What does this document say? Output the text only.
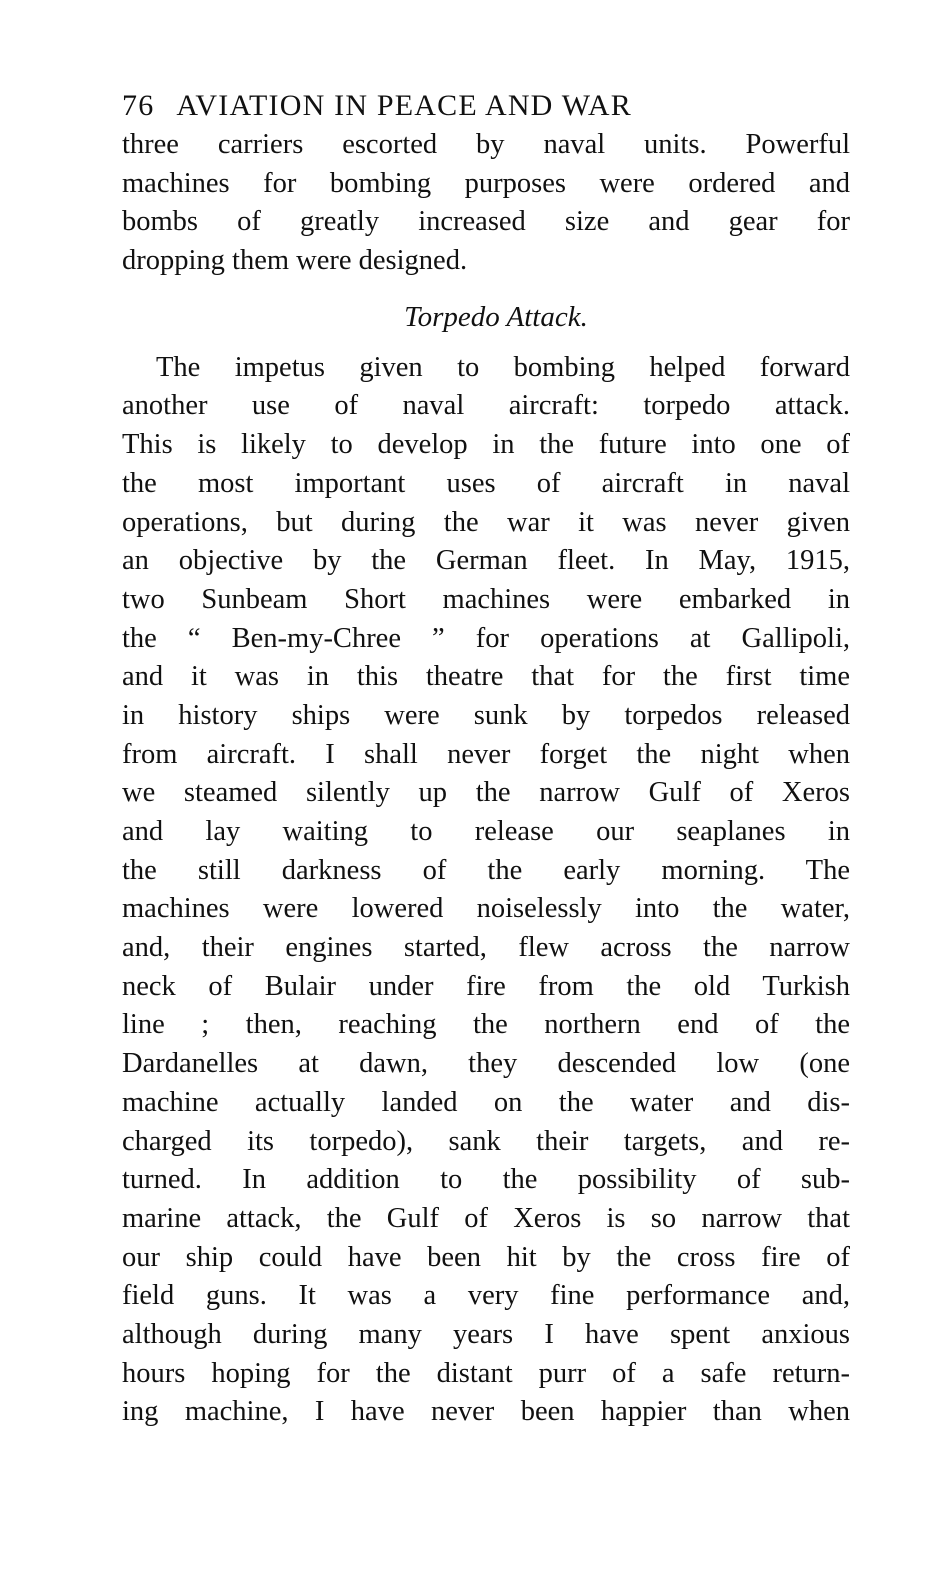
76 AVIATION IN PEACE AND WAR
three carriers escorted by naval units. Powerful
machines for bombing purposes were ordered and
bombs of greatly increased size and gear for
dropping them were designed.
Torpedo Attack.
The impetus given to bombing helped forward
another use of naval aircraft: torpedo attack.
This is likely to develop in the future into one of
the most important uses of aircraft in naval
operations, but during the war it was never given
an objective by the German fleet. In May, 1915,
two Sunbeam Short machines were embarked in
the “ Ben-my-Chree ” for operations at Gallipoli,
and it was in this theatre that for the first time
in history ships were sunk by torpedos released
from aircraft. I shall never forget the night when
we steamed silently up the narrow Gulf of Xeros
and lay waiting to release our seaplanes in
the still darkness of the early morning. The
machines were lowered noiselessly into the water,
and, their engines started, flew across the narrow
neck of Bulair under fire from the old Turkish
line ; then, reaching the northern end of the
Dardanelles at dawn, they descended low (one
machine actually landed on the water and dis-
charged its torpedo), sank their targets, and re-
turned. In addition to the possibility of sub-
marine attack, the Gulf of Xeros is so narrow that
our ship could have been hit by the cross fire of
field guns. It was a very fine performance and,
although during many years I have spent anxious
hours hoping for the distant purr of a safe return-
ing machine, I have never been happier than when
